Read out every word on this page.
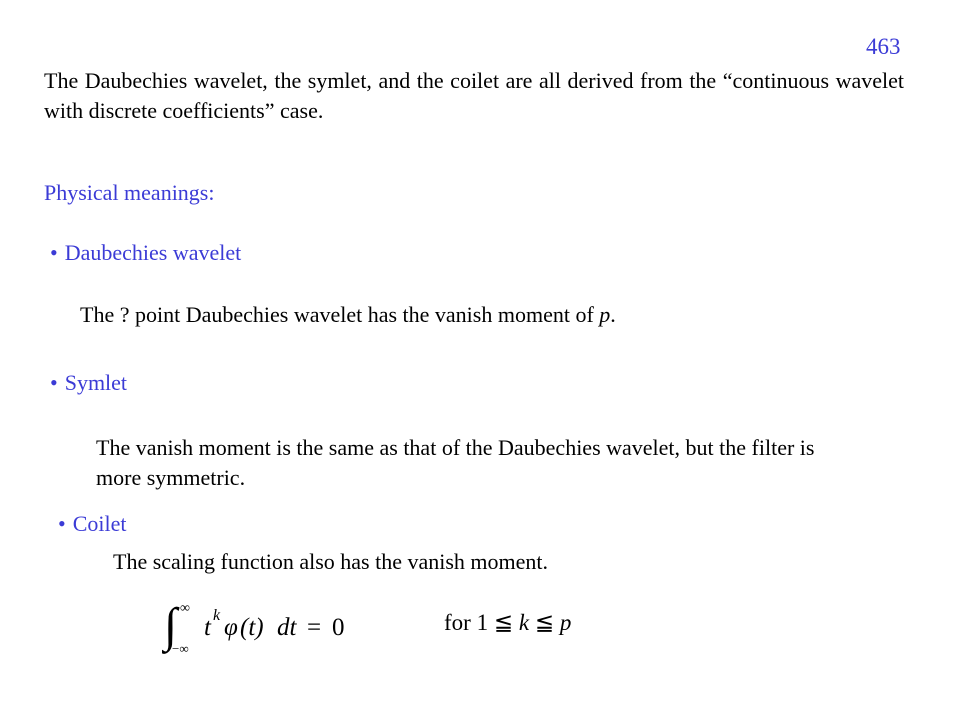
463
The Daubechies wavelet, the symlet, and the coilet are all derived from the “continuous wavelet with discrete coefficients” case.
Physical meanings:
• Daubechies wavelet
The ? point Daubechies wavelet has the vanish moment of p.
• Symlet
The vanish moment is the same as that of the Daubechies wavelet, but the filter is more symmetric.
• Coilet
The scaling function also has the vanish moment.
∫ ∞
−∞
t k φ (t) dt = 0	for 1 ≦ k ≦ p
